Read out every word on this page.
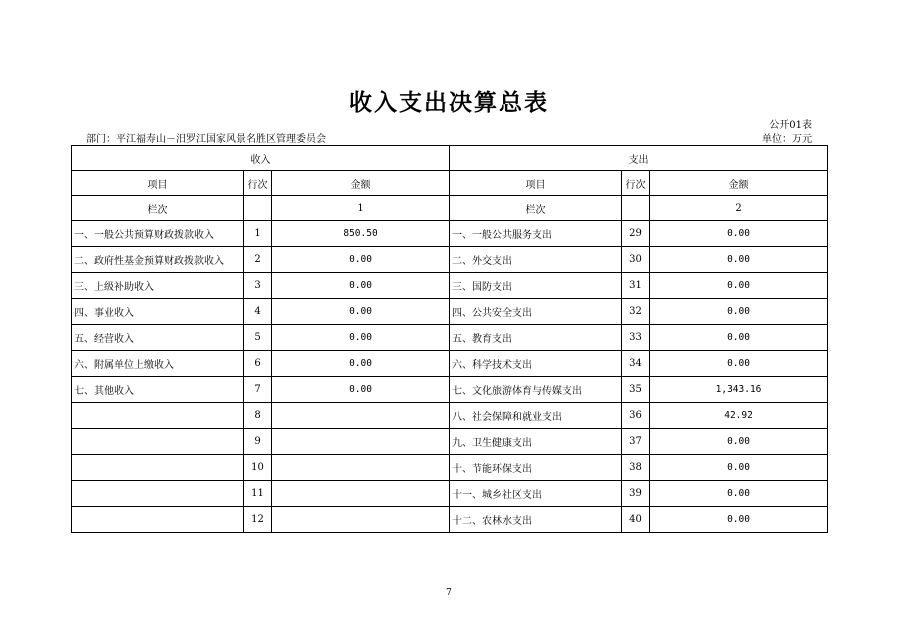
收入支出决算总表
公开01表
部门：平江福寿山－汨罗江国家风景名胜区管理委员会	单位：万元
收入			支出		
项目	行次	金额	项目	行次	金额
栏次		1	栏次		2
一、一般公共预算财政拨款收入	1	850.50	一、一般公共服务支出	29	0.00
二、政府性基金预算财政拨款收入	2	0.00	二、外交支出	30	0.00
三、上级补助收入	3	0.00	三、国防支出	31	0.00
四、事业收入	4	0.00	四、公共安全支出	32	0.00
五、经营收入	5	0.00	五、教育支出	33	0.00
六、附属单位上缴收入	6	0.00	六、科学技术支出	34	0.00
七、其他收入	7	0.00	七、文化旅游体育与传媒支出	35	1,343.16
	8		八、社会保障和就业支出	36	42.92
	9		九、卫生健康支出	37	0.00
	10		十、节能环保支出	38	0.00
	11		十一、城乡社区支出	39	0.00
	12		十二、农林水支出	40	0.00
7
